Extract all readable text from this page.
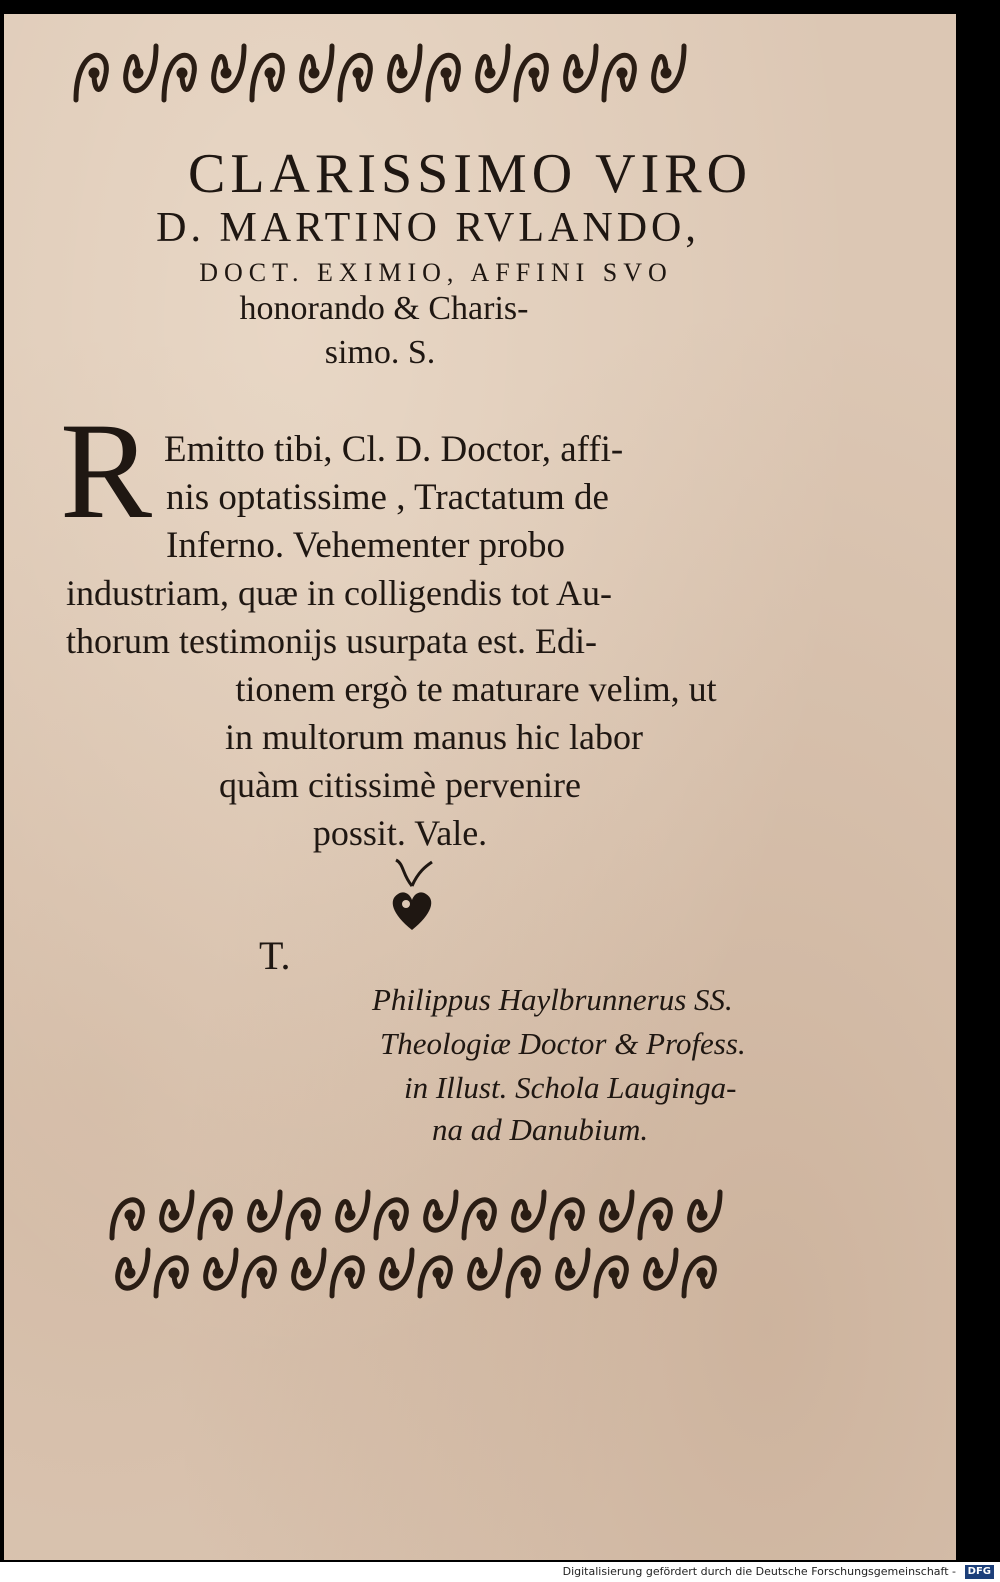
CLARISSIMO VIRO
D. MARTINO RVLANDO,
DOCT. EXIMIO, AFFINI SVO
honorando & Charis-
simo. S.
R Emitto tibi, Cl. D. Doctor, affi-
nis optatissime , Tractatum de
Inferno. Vehementer probo
industriam, quæ in colligendis tot Au-
thorum testimonijs usurpata est. Edi-
tionem ergò te maturare velim, ut
in multorum manus hic labor
quàm citissimè pervenire
possit. Vale.
T.
Philippus Haylbrunnerus SS.
Theologiæ Doctor & Profess.
in Illust. Schola Lauginga-
na ad Danubium.
Digitalisierung gefördert durch die Deutsche Forschungsgemeinschaft -	DFG
